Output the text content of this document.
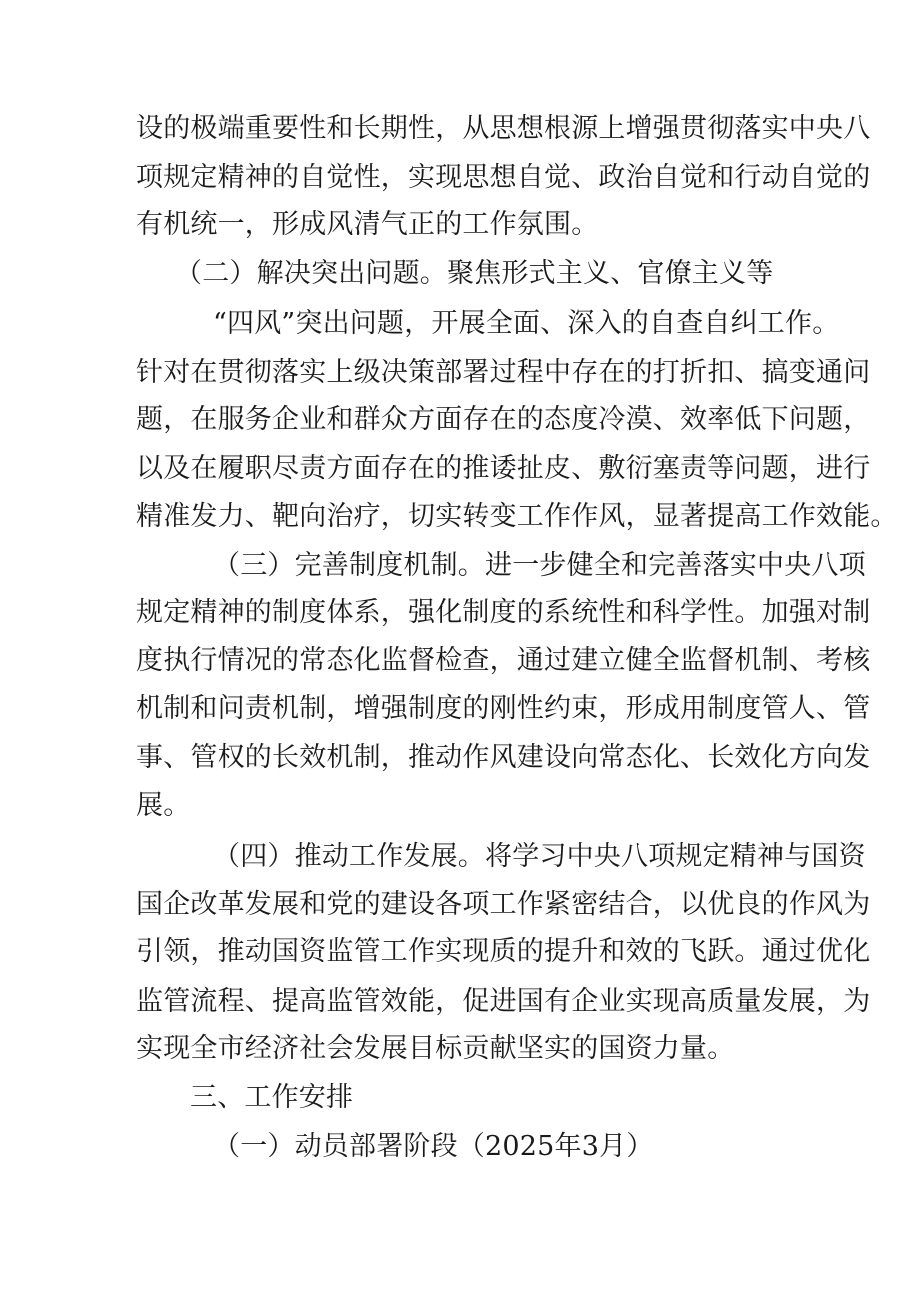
设的极端重要性和长期性，从思想根源上增强贯彻落实中央八
项规定精神的自觉性，实现思想自觉、政治自觉和行动自觉的
有机统一，形成风清气正的工作氛围。
（二）解决突出问题。聚焦形式主义、官僚主义等
“四风”突出问题，开展全面、深入的自查自纠工作。
针对在贯彻落实上级决策部署过程中存在的打折扣、搞变通问
题，在服务企业和群众方面存在的态度冷漠、效率低下问题，
以及在履职尽责方面存在的推诿扯皮、敷衍塞责等问题，进行
精准发力、靶向治疗，切实转变工作作风，显著提高工作效能。
（三）完善制度机制。进一步健全和完善落实中央八项
规定精神的制度体系，强化制度的系统性和科学性。加强对制
度执行情况的常态化监督检查，通过建立健全监督机制、考核
机制和问责机制，增强制度的刚性约束，形成用制度管人、管
事、管权的长效机制，推动作风建设向常态化、长效化方向发
展。
（四）推动工作发展。将学习中央八项规定精神与国资
国企改革发展和党的建设各项工作紧密结合，以优良的作风为
引领，推动国资监管工作实现质的提升和效的飞跃。通过优化
监管流程、提高监管效能，促进国有企业实现高质量发展，为
实现全市经济社会发展目标贡献坚实的国资力量。
三、工作安排
（一）动员部署阶段（2025年3月）
